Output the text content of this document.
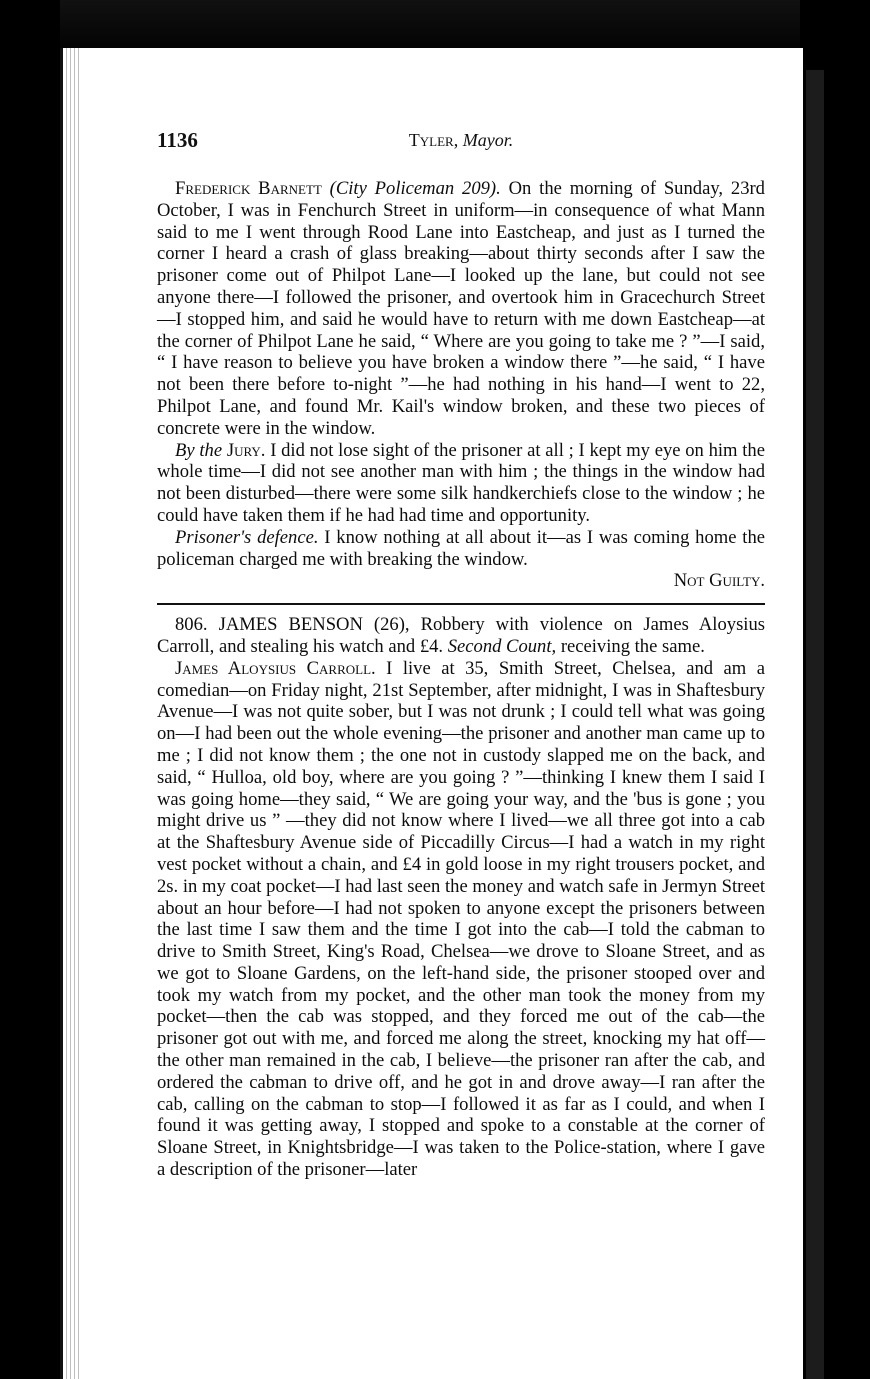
1136	Tyler, Mayor.

Frederick Barnett (City Policeman 209). On the morning of Sunday, 23rd October, I was in Fenchurch Street in uniform—in consequence of what Mann said to me I went through Rood Lane into Eastcheap, and just as I turned the corner I heard a crash of glass breaking—about thirty seconds after I saw the prisoner come out of Philpot Lane—I looked up the lane, but could not see anyone there—I followed the prisoner, and overtook him in Gracechurch Street—I stopped him, and said he would have to return with me down Eastcheap—at the corner of Philpot Lane he said, “ Where are you going to take me ? ”—I said, “ I have reason to believe you have broken a window there ”—he said, “ I have not been there before to-night ”—he had nothing in his hand—I went to 22, Philpot Lane, and found Mr. Kail's window broken, and these two pieces of concrete were in the window.

By the Jury. I did not lose sight of the prisoner at all ; I kept my eye on him the whole time—I did not see another man with him ; the things in the window had not been disturbed—there were some silk handkerchiefs close to the window ; he could have taken them if he had had time and opportunity.

Prisoner's defence. I know nothing at all about it—as I was coming home the policeman charged me with breaking the window.

Not Guilty.

806. JAMES BENSON (26), Robbery with violence on James Aloysius Carroll, and stealing his watch and £4. Second Count, receiving the same.

James Aloysius Carroll. I live at 35, Smith Street, Chelsea, and am a comedian—on Friday night, 21st September, after midnight, I was in Shaftesbury Avenue—I was not quite sober, but I was not drunk ; I could tell what was going on—I had been out the whole evening—the prisoner and another man came up to me ; I did not know them ; the one not in custody slapped me on the back, and said, “ Hulloa, old boy, where are you going ? ”—thinking I knew them I said I was going home—they said, “ We are going your way, and the 'bus is gone ; you might drive us ” —they did not know where I lived—we all three got into a cab at the Shaftesbury Avenue side of Piccadilly Circus—I had a watch in my right vest pocket without a chain, and £4 in gold loose in my right trousers pocket, and 2s. in my coat pocket—I had last seen the money and watch safe in Jermyn Street about an hour before—I had not spoken to anyone except the prisoners between the last time I saw them and the time I got into the cab—I told the cabman to drive to Smith Street, King's Road, Chelsea—we drove to Sloane Street, and as we got to Sloane Gardens, on the left-hand side, the prisoner stooped over and took my watch from my pocket, and the other man took the money from my pocket—then the cab was stopped, and they forced me out of the cab—the prisoner got out with me, and forced me along the street, knocking my hat off—the other man remained in the cab, I believe—the prisoner ran after the cab, and ordered the cabman to drive off, and he got in and drove away—I ran after the cab, calling on the cabman to stop—I followed it as far as I could, and when I found it was getting away, I stopped and spoke to a constable at the corner of Sloane Street, in Knightsbridge—I was taken to the Police-station, where I gave a description of the prisoner—later
